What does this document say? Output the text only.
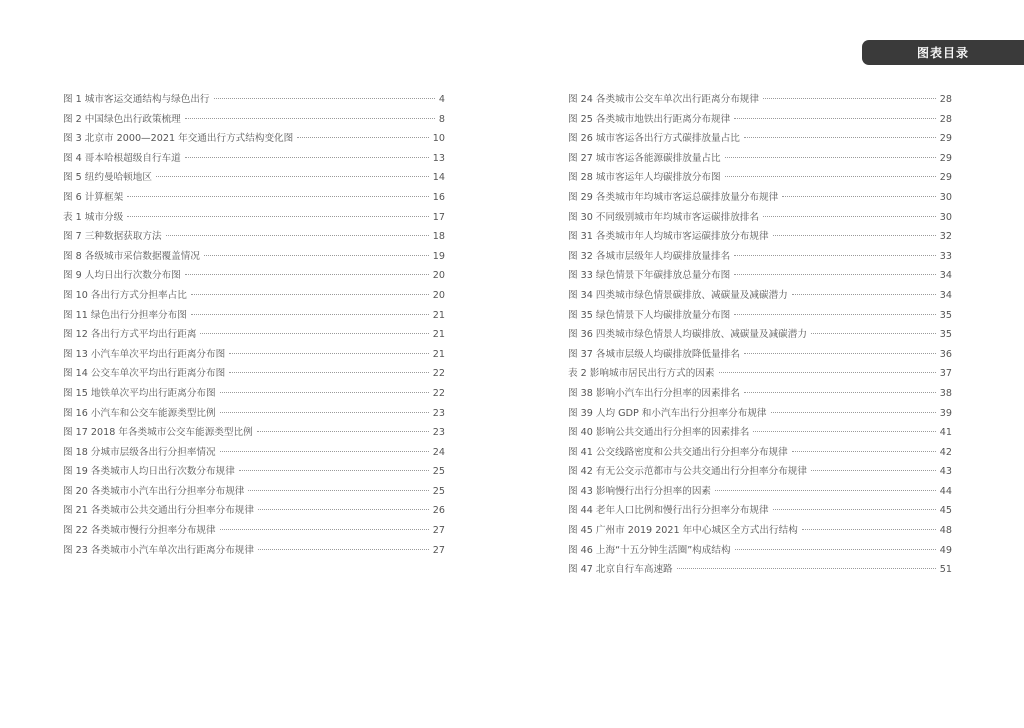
图表目录
图 1 城市客运交通结构与绿色出行	4
图 2 中国绿色出行政策梳理	8
图 3 北京市 2000—2021 年交通出行方式结构变化图	10
图 4 哥本哈根超级自行车道	13
图 5 纽约曼哈顿地区	14
图 6 计算框架	16
表 1 城市分级	17
图 7 三种数据获取方法	18
图 8 各级城市采信数据覆盖情况	19
图 9 人均日出行次数分布图	20
图 10 各出行方式分担率占比	20
图 11 绿色出行分担率分布图	21
图 12 各出行方式平均出行距离	21
图 13 小汽车单次平均出行距离分布图	21
图 14 公交车单次平均出行距离分布图	22
图 15 地铁单次平均出行距离分布图	22
图 16 小汽车和公交车能源类型比例	23
图 17 2018 年各类城市公交车能源类型比例	23
图 18 分城市层级各出行分担率情况	24
图 19 各类城市人均日出行次数分布规律	25
图 20 各类城市小汽车出行分担率分布规律	25
图 21 各类城市公共交通出行分担率分布规律	26
图 22 各类城市慢行分担率分布规律	27
图 23 各类城市小汽车单次出行距离分布规律	27
图 24 各类城市公交车单次出行距离分布规律	28
图 25 各类城市地铁出行距离分布规律	28
图 26 城市客运各出行方式碳排放量占比	29
图 27 城市客运各能源碳排放量占比	29
图 28 城市客运年人均碳排放分布图	29
图 29 各类城市年均城市客运总碳排放量分布规律	30
图 30 不同级别城市年均城市客运碳排放排名	30
图 31 各类城市年人均城市客运碳排放分布规律	32
图 32 各城市层级年人均碳排放量排名	33
图 33 绿色情景下年碳排放总量分布图	34
图 34 四类城市绿色情景碳排放、减碳量及减碳潜力	34
图 35 绿色情景下人均碳排放量分布图	35
图 36 四类城市绿色情景人均碳排放、减碳量及减碳潜力	35
图 37 各城市层级人均碳排放降低量排名	36
表 2 影响城市居民出行方式的因素	37
图 38 影响小汽车出行分担率的因素排名	38
图 39 人均 GDP 和小汽车出行分担率分布规律	39
图 40 影响公共交通出行分担率的因素排名	41
图 41 公交线路密度和公共交通出行分担率分布规律	42
图 42 有无公交示范都市与公共交通出行分担率分布规律	43
图 43 影响慢行出行分担率的因素	44
图 44 老年人口比例和慢行出行分担率分布规律	45
图 45 广州市 2019 2021 年中心城区全方式出行结构	48
图 46 上海“十五分钟生活圈”构成结构	49
图 47 北京自行车高速路	51
